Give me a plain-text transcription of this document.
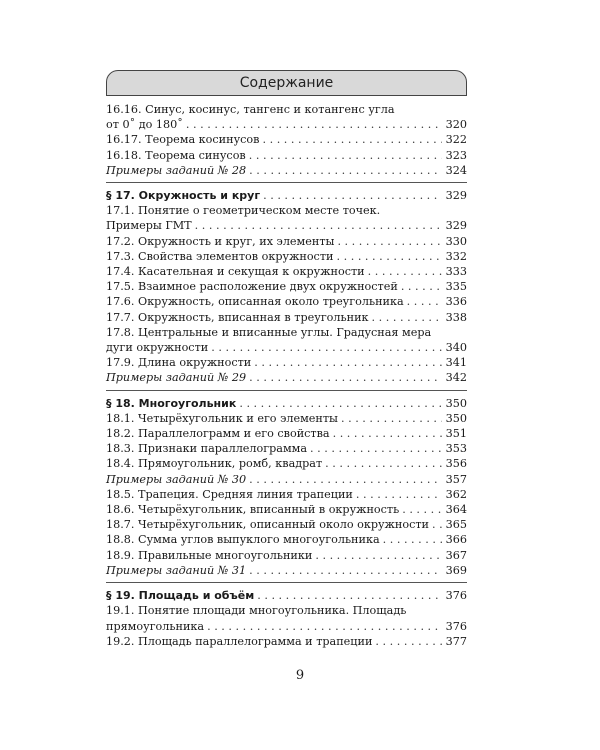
Содержание
16.16. Синус, косинус, тангенс и котангенс угла
от 0˚ до 180˚ . . .	320
16.17. Теорема косинусов . . .	322
16.18. Теорема синусов . . .	323
Примеры заданий № 28 . . .	324
§ 17. Окружность и круг . . .	329
17.1. Понятие о геометрическом месте точек.
Примеры ГМТ . . .	329
17.2. Окружность и круг, их элементы . . .	330
17.3. Свойства элементов окружности . . .	332
17.4. Касательная и секущая к окружности . . .	333
17.5. Взаимное расположение двух окружностей . . .	335
17.6. Окружность, описанная около треугольника . . .	336
17.7. Окружность, вписанная в треугольник . . .	338
17.8. Центральные и вписанные углы. Градусная мера
дуги окружности . . .	340
17.9. Длина окружности . . .	341
Примеры заданий № 29 . . .	342
§ 18. Многоугольник . . .	350
18.1. Четырёхугольник и его элементы . . .	350
18.2. Параллелограмм и его свойства . . .	351
18.3. Признаки параллелограмма . . .	353
18.4. Прямоугольник, ромб, квадрат . . .	356
Примеры заданий № 30 . . .	357
18.5. Трапеция. Средняя линия трапеции . . .	362
18.6. Четырёхугольник, вписанный в окружность . . .	364
18.7. Четырёхугольник, описанный около окружности . . . 365
18.8. Сумма углов выпуклого многоугольника . . .	366
18.9. Правильные многоугольники . . .	367
Примеры заданий № 31 . . .	369
§ 19. Площадь и объём . . .	376
19.1. Понятие площади многоугольника. Площадь
прямоугольника . . .	376
19.2. Площадь параллелограмма и трапеции . . .	377
9
